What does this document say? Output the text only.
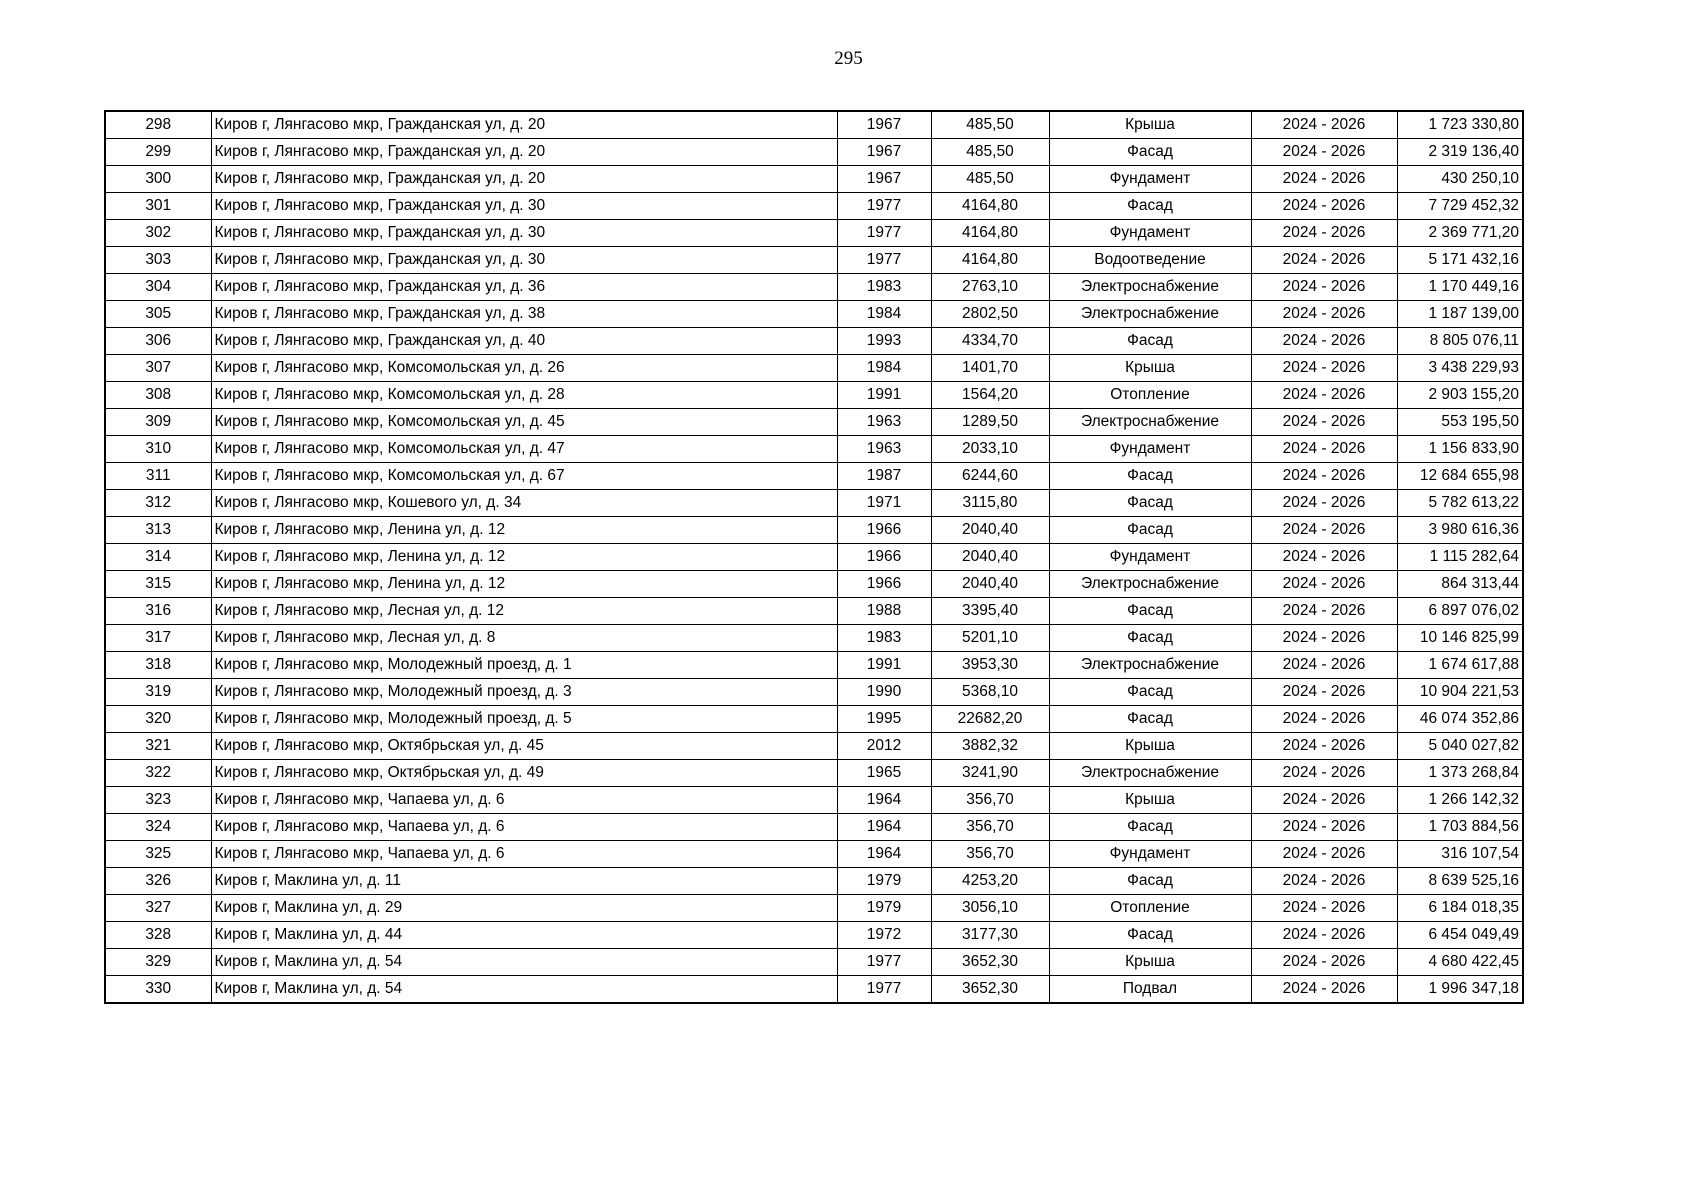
295
298	Киров г, Лянгасово мкр, Гражданская ул, д. 20	1967	485,50	Крыша	2024 - 2026	1 723 330,80
299	Киров г, Лянгасово мкр, Гражданская ул, д. 20	1967	485,50	Фасад	2024 - 2026	2 319 136,40
300	Киров г, Лянгасово мкр, Гражданская ул, д. 20	1967	485,50	Фундамент	2024 - 2026	430 250,10
301	Киров г, Лянгасово мкр, Гражданская ул, д. 30	1977	4164,80	Фасад	2024 - 2026	7 729 452,32
302	Киров г, Лянгасово мкр, Гражданская ул, д. 30	1977	4164,80	Фундамент	2024 - 2026	2 369 771,20
303	Киров г, Лянгасово мкр, Гражданская ул, д. 30	1977	4164,80	Водоотведение	2024 - 2026	5 171 432,16
304	Киров г, Лянгасово мкр, Гражданская ул, д. 36	1983	2763,10	Электроснабжение	2024 - 2026	1 170 449,16
305	Киров г, Лянгасово мкр, Гражданская ул, д. 38	1984	2802,50	Электроснабжение	2024 - 2026	1 187 139,00
306	Киров г, Лянгасово мкр, Гражданская ул, д. 40	1993	4334,70	Фасад	2024 - 2026	8 805 076,11
307	Киров г, Лянгасово мкр, Комсомольская ул, д. 26	1984	1401,70	Крыша	2024 - 2026	3 438 229,93
308	Киров г, Лянгасово мкр, Комсомольская ул, д. 28	1991	1564,20	Отопление	2024 - 2026	2 903 155,20
309	Киров г, Лянгасово мкр, Комсомольская ул, д. 45	1963	1289,50	Электроснабжение	2024 - 2026	553 195,50
310	Киров г, Лянгасово мкр, Комсомольская ул, д. 47	1963	2033,10	Фундамент	2024 - 2026	1 156 833,90
311	Киров г, Лянгасово мкр, Комсомольская ул, д. 67	1987	6244,60	Фасад	2024 - 2026	12 684 655,98
312	Киров г, Лянгасово мкр, Кошевого ул, д. 34	1971	3115,80	Фасад	2024 - 2026	5 782 613,22
313	Киров г, Лянгасово мкр, Ленина ул, д. 12	1966	2040,40	Фасад	2024 - 2026	3 980 616,36
314	Киров г, Лянгасово мкр, Ленина ул, д. 12	1966	2040,40	Фундамент	2024 - 2026	1 115 282,64
315	Киров г, Лянгасово мкр, Ленина ул, д. 12	1966	2040,40	Электроснабжение	2024 - 2026	864 313,44
316	Киров г, Лянгасово мкр, Лесная ул, д. 12	1988	3395,40	Фасад	2024 - 2026	6 897 076,02
317	Киров г, Лянгасово мкр, Лесная ул, д. 8	1983	5201,10	Фасад	2024 - 2026	10 146 825,99
318	Киров г, Лянгасово мкр, Молодежный проезд, д. 1	1991	3953,30	Электроснабжение	2024 - 2026	1 674 617,88
319	Киров г, Лянгасово мкр, Молодежный проезд, д. 3	1990	5368,10	Фасад	2024 - 2026	10 904 221,53
320	Киров г, Лянгасово мкр, Молодежный проезд, д. 5	1995	22682,20	Фасад	2024 - 2026	46 074 352,86
321	Киров г, Лянгасово мкр, Октябрьская ул, д. 45	2012	3882,32	Крыша	2024 - 2026	5 040 027,82
322	Киров г, Лянгасово мкр, Октябрьская ул, д. 49	1965	3241,90	Электроснабжение	2024 - 2026	1 373 268,84
323	Киров г, Лянгасово мкр, Чапаева ул, д. 6	1964	356,70	Крыша	2024 - 2026	1 266 142,32
324	Киров г, Лянгасово мкр, Чапаева ул, д. 6	1964	356,70	Фасад	2024 - 2026	1 703 884,56
325	Киров г, Лянгасово мкр, Чапаева ул, д. 6	1964	356,70	Фундамент	2024 - 2026	316 107,54
326	Киров г, Маклина ул, д. 11	1979	4253,20	Фасад	2024 - 2026	8 639 525,16
327	Киров г, Маклина ул, д. 29	1979	3056,10	Отопление	2024 - 2026	6 184 018,35
328	Киров г, Маклина ул, д. 44	1972	3177,30	Фасад	2024 - 2026	6 454 049,49
329	Киров г, Маклина ул, д. 54	1977	3652,30	Крыша	2024 - 2026	4 680 422,45
330	Киров г, Маклина ул, д. 54	1977	3652,30	Подвал	2024 - 2026	1 996 347,18
